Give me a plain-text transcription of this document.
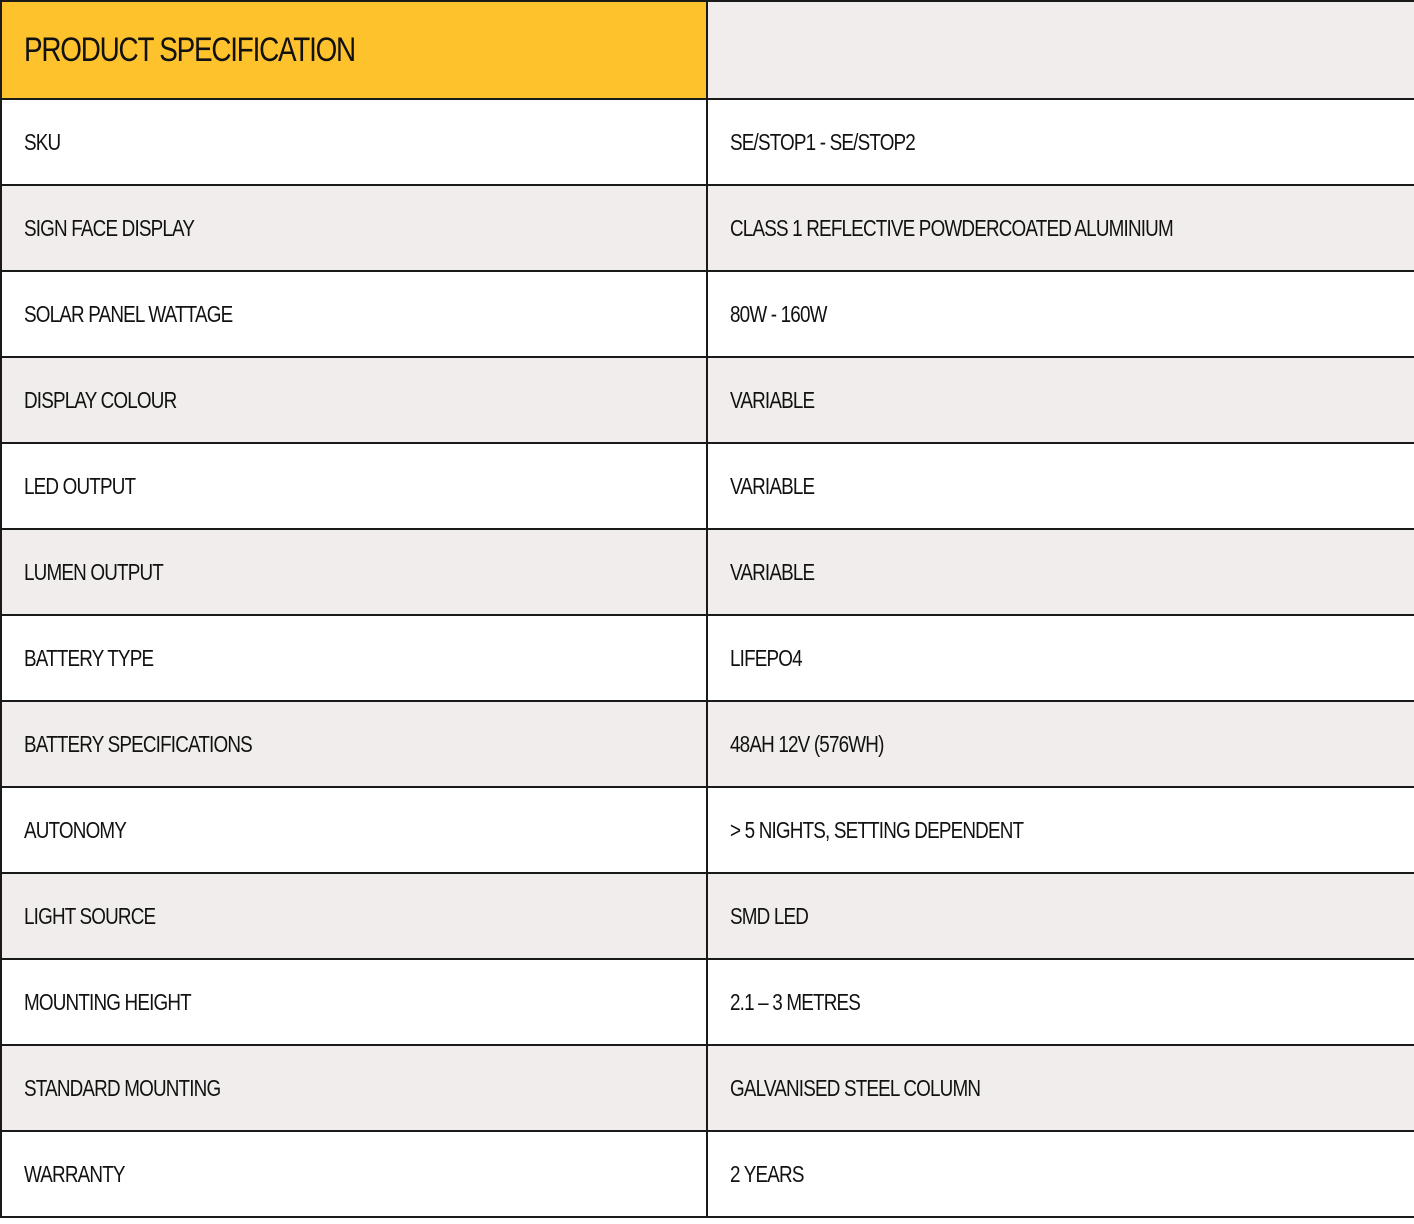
PRODUCT SPECIFICATION	
SKU	SE/STOP1 - SE/STOP2
SIGN FACE DISPLAY	CLASS 1 REFLECTIVE POWDERCOATED ALUMINIUM
SOLAR PANEL WATTAGE	80W - 160W
DISPLAY COLOUR	VARIABLE
LED OUTPUT	VARIABLE
LUMEN OUTPUT	VARIABLE
BATTERY TYPE	LIFEPO4
BATTERY SPECIFICATIONS	48AH 12V (576WH)
AUTONOMY	> 5 NIGHTS, SETTING DEPENDENT
LIGHT SOURCE	SMD LED
MOUNTING HEIGHT	2.1 – 3 METRES
STANDARD MOUNTING	GALVANISED STEEL COLUMN
WARRANTY	2 YEARS
